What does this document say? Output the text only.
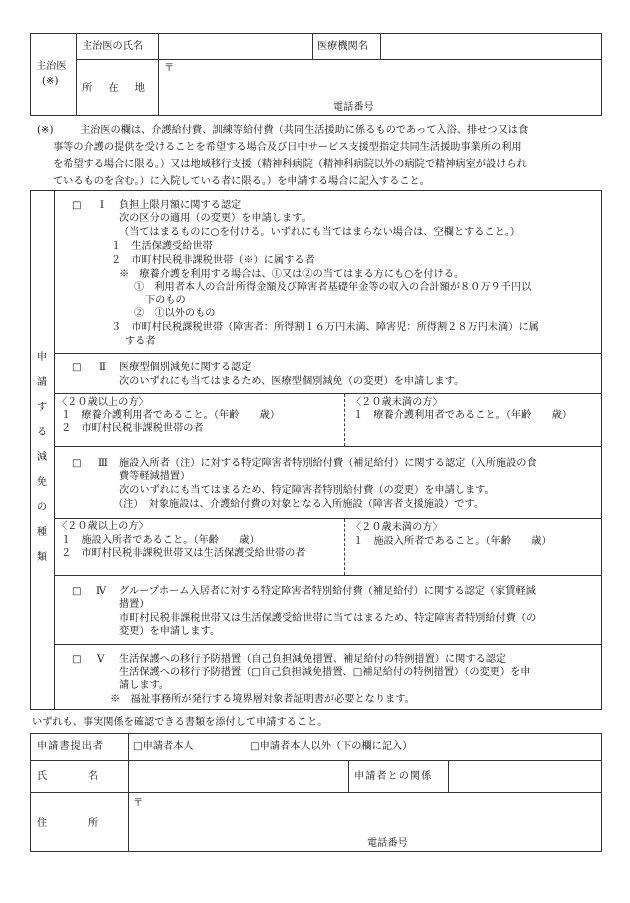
主治医
(※)
主治医の氏名	医療機関名
所　在　地
〒
電話番号
(※)	主治医の欄は、介護給付費、訓練等給付費（共同生活援助に係るものであって入浴、排せつ又は食
事等の介護の提供を受けることを希望する場合及び日中サービス支援型指定共同生活援助事業所の利用
を希望する場合に限る。）又は地域移行支援（精神科病院（精神科病院以外の病院で精神病室が設けられ
ているものを含む。）に入院している者に限る。）を申請する場合に記入すること。
申
請
す
る
減
免
の
種
類
□ Ⅰ 負担上限月額に関する認定
次の区分の適用（の変更）を申請します。
（当てはまるものに○を付ける。いずれにも当てはまらない場合は、空欄とすること。）
１　生活保護受給世帯
２　市町村民税非課税世帯（※）に属する者
※　療養介護を利用する場合は、①又は②の当てはまる方にも○を付ける。
①　利用者本人の合計所得金額及び障害者基礎年金等の収入の合計額が８０万９千円以
下のもの
②　①以外のもの
３　市町村民税課税世帯（障害者：所得割１６万円未満、障害児：所得割２８万円未満）に属
する者
□ Ⅱ 医療型個別減免に関する認定
次のいずれにも当てはまるため、医療型個別減免（の変更）を申請します。
〈２０歳以上の方〉
１　療養介護利用者であること。（年齢　　歳）
２　市町村民税非課税世帯の者
〈２０歳未満の方〉
１　療養介護利用者であること。（年齢　　歳）
□ Ⅲ 施設入所者（注）に対する特定障害者特別給付費（補足給付）に関する認定（入所施設の食
費等軽減措置）
次のいずれにも当てはまるため、特定障害者特別給付費（の変更）を申請します。
（注）　対象施設は、介護給付費の対象となる入所施設（障害者支援施設）です。
〈２０歳以上の方〉
１　施設入所者であること。（年齢　　歳）
２　市町村民税非課税世帯又は生活保護受給世帯の者
〈２０歳未満の方〉
１　施設入所者であること。（年齢　　歳）
□ Ⅳ グループホーム入居者に対する特定障害者特別給付費（補足給付）に関する認定（家賃軽減
措置）
市町村民税非課税世帯又は生活保護受給世帯に当てはまるため、特定障害者特別給付費（の
変更）を申請します。
□ Ⅴ 生活保護への移行予防措置（自己負担減免措置、補足給付の特例措置）に関する認定
生活保護への移行予防措置（□自己負担減免措置、□補足給付の特例措置）（の変更）を申
請します。
※　福祉事務所が発行する境界層対象者証明書が必要となります。
いずれも、事実関係を確認できる書類を添付して申請すること。
申請書提出者	□申請者本人	□申請者本人以外（下の欄に記入）
氏　　　　名	申請者との関係
住　　　　所
〒
電話番号
